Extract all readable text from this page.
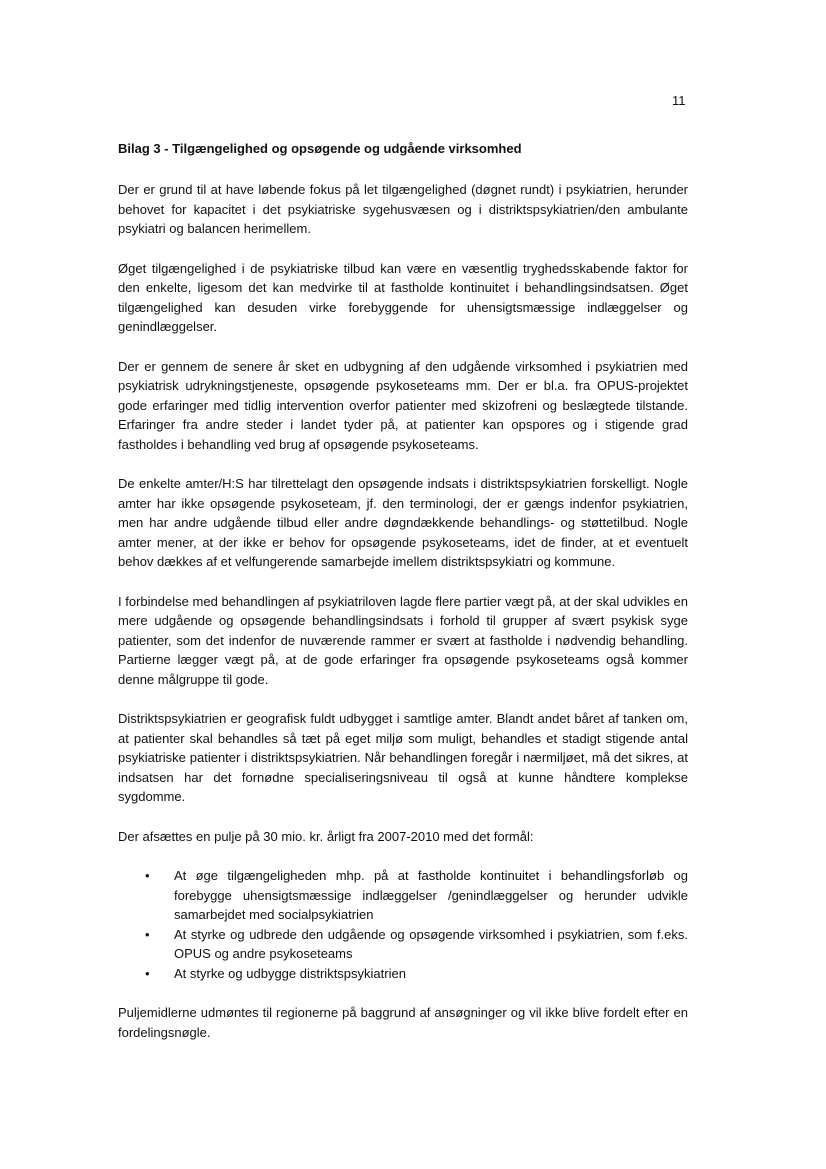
11
Bilag 3 - Tilgængelighed og opsøgende og udgående virksomhed

Der er grund til at have løbende fokus på let tilgængelighed (døgnet rundt) i psykiatrien, herunder behovet for kapacitet i det psykiatriske sygehusvæsen og i distriktspsykiatrien/den ambulante psykiatri og balancen herimellem.

Øget tilgængelighed i de psykiatriske tilbud kan være en væsentlig tryghedsskabende faktor for den enkelte, ligesom det kan medvirke til at fastholde kontinuitet i behandlingsindsatsen. Øget tilgængelighed kan desuden virke forebyggende for uhensigtsmæssige indlæggelser og genindlæggelser.

Der er gennem de senere år sket en udbygning af den udgående virksomhed i psykiatrien med psykiatrisk udrykningstjeneste, opsøgende psykoseteams mm. Der er bl.a. fra OPUS-projektet gode erfaringer med tidlig intervention overfor patienter med skizofreni og beslægtede tilstande. Erfaringer fra andre steder i landet tyder på, at patienter kan opspores og i stigende grad fastholdes i behandling ved brug af opsøgende psykoseteams.

De enkelte amter/H:S har tilrettelagt den opsøgende indsats i distriktspsykiatrien forskelligt. Nogle amter har ikke opsøgende psykoseteam, jf. den terminologi, der er gængs indenfor psykiatrien, men har andre udgående tilbud eller andre døgndækkende behandlings- og støttetilbud. Nogle amter mener, at der ikke er behov for opsøgende psykoseteams, idet de finder, at et eventuelt behov dækkes af et velfungerende samarbejde imellem distriktspsykiatri og kommune.

I forbindelse med behandlingen af psykiatriloven lagde flere partier vægt på, at der skal udvikles en mere udgående og opsøgende behandlingsindsats i forhold til grupper af svært psykisk syge patienter, som det indenfor de nuværende rammer er svært at fastholde i nødvendig behandling. Partierne lægger vægt på, at de gode erfaringer fra opsøgende psykoseteams også kommer denne målgruppe til gode.

Distriktspsykiatrien er geografisk fuldt udbygget i samtlige amter. Blandt andet båret af tanken om, at patienter skal behandles så tæt på eget miljø som muligt, behandles et stadigt stigende antal psykiatriske patienter i distriktspsykiatrien. Når behandlingen foregår i nærmiljøet, må det sikres, at indsatsen har det fornødne specialiseringsniveau til også at kunne håndtere komplekse sygdomme.

Der afsættes en pulje på 30 mio. kr. årligt fra 2007-2010 med det formål:

• At øge tilgængeligheden mhp. på at fastholde kontinuitet i behandlingsforløb og forebygge uhensigtsmæssige indlæggelser /genindlæggelser og herunder udvikle samarbejdet med socialpsykiatrien
• At styrke og udbrede den udgående og opsøgende virksomhed i psykiatrien, som f.eks. OPUS og andre psykoseteams
• At styrke og udbygge distriktspsykiatrien

Puljemidlerne udmøntes til regionerne på baggrund af ansøgninger og vil ikke blive fordelt efter en fordelingsnøgle.
